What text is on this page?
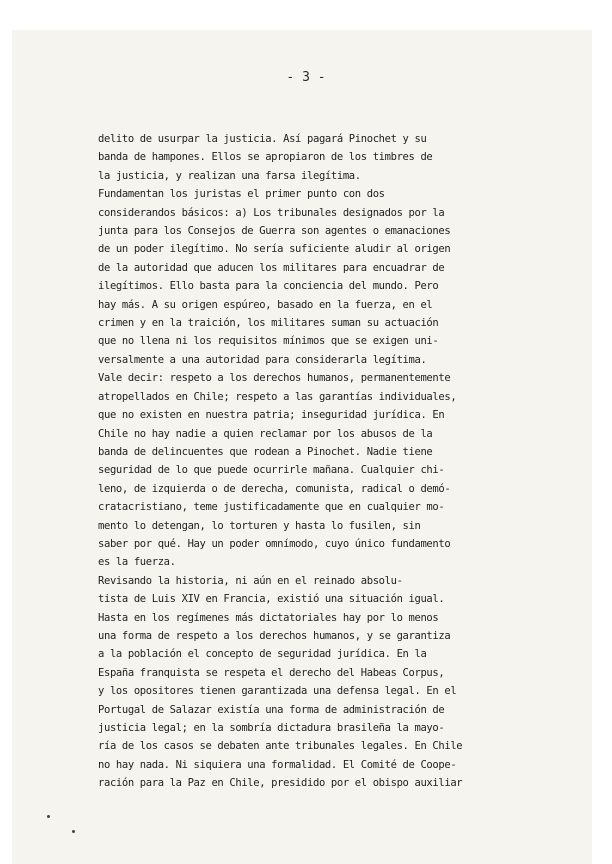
- 3 -
delito de usurpar la justicia. Así pagará Pinochet y su
banda de hampones. Ellos se apropiaron de los timbres de
la justicia, y realizan una farsa ilegítima.
Fundamentan los juristas el primer punto con dos
considerandos básicos: a) Los tribunales designados por la
junta para los Consejos de Guerra son agentes o emanaciones
de un poder ilegítimo. No sería suficiente aludir al origen
de la autoridad que aducen los militares para encuadrar de
ilegítimos. Ello basta para la conciencia del mundo. Pero
hay más. A su origen espúreo, basado en la fuerza, en el
crimen y en la traición, los militares suman su actuación
que no llena ni los requisitos mínimos que se exigen uni-
versalmente a una autoridad para considerarla legítima.
Vale decir: respeto a los derechos humanos, permanentemente
atropellados en Chile; respeto a las garantías individuales,
que no existen en nuestra patria; inseguridad jurídica. En
Chile no hay nadie a quien reclamar por los abusos de la
banda de delincuentes que rodean a Pinochet. Nadie tiene
seguridad de lo que puede ocurrirle mañana. Cualquier chi-
leno, de izquierda o de derecha, comunista, radical o demó-
cratacristiano, teme justificadamente que en cualquier mo-
mento lo detengan, lo torturen y hasta lo fusilen, sin
saber por qué. Hay un poder omnímodo, cuyo único fundamento
es la fuerza.
Revisando la historia, ni aún en el reinado absolu-
tista de Luis XIV en Francia, existió una situación igual.
Hasta en los regímenes más dictatoriales hay por lo menos
una forma de respeto a los derechos humanos, y se garantiza
a la población el concepto de seguridad jurídica. En la
España franquista se respeta el derecho del Habeas Corpus,
y los opositores tienen garantizada una defensa legal. En el
Portugal de Salazar existía una forma de administración de
justicia legal; en la sombría dictadura brasileña la mayo-
ría de los casos se debaten ante tribunales legales. En Chile
no hay nada. Ni siquiera una formalidad. El Comité de Coope-
ración para la Paz en Chile, presidido por el obispo auxiliar
